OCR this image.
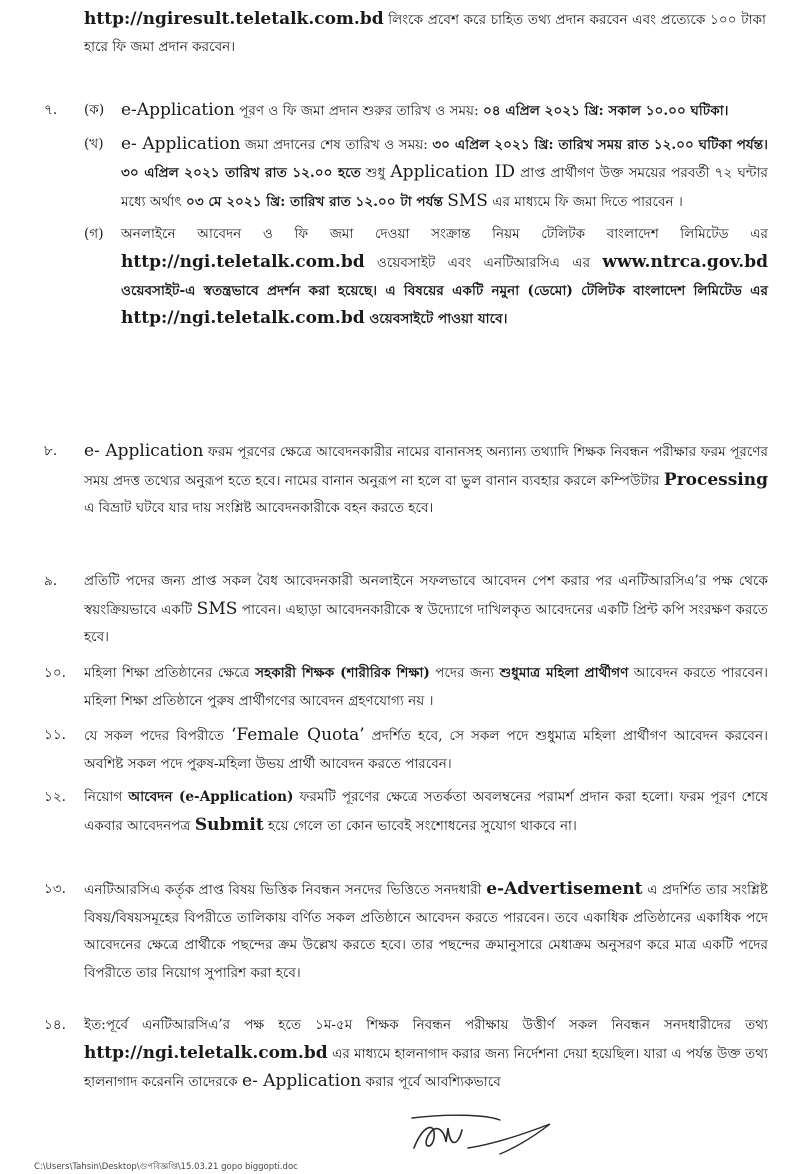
http://ngiresult.teletalk.com.bd লিংকে প্রবেশ করে চাহিত তথ্য প্রদান করবেন এবং প্রত্যেকে ১০০ টাকা হারে ফি জমা প্রদান করবেন।

৭.	(ক) e-Application পূরণ ও ফি জমা প্রদান শুরুর তারিখ ও সময়: ০৪ এপ্রিল ২০২১ খ্রি: সকাল ১০.০০ ঘটিকা।

(খ)	e- Application জমা প্রদানের শেষ তারিখ ও সময়: ৩০ এপ্রিল ২০২১ খ্রি: তারিখ সময় রাত ১২.০০ ঘটিকা পর্যন্ত। ৩০ এপ্রিল ২০২১ তারিখ রাত ১২.০০ হতে শুধু Application ID প্রাপ্ত প্রার্থীগণ উক্ত সময়ের পরবর্তী ৭২ ঘন্টার মধ্যে অর্থাৎ ০৩ মে ২০২১ খ্রি: তারিখ রাত ১২.০০ টা পর্যন্ত SMS এর মাধ্যমে ফি জমা দিতে পারবেন ।

(গ)	অনলাইনে আবেদন ও ফি জমা দেওয়া সংক্রান্ত নিয়ম টেলিটক বাংলাদেশ লিমিটেড এর http://ngi.teletalk.com.bd ওয়েবসাইট এবং এনটিআরসিএ এর www.ntrca.gov.bd ওয়েবসাইট-এ স্বতন্ত্রভাবে প্রদর্শন করা হয়েছে। এ বিষয়ের একটি নমুনা (ডেমো) টেলিটক বাংলাদেশ লিমিটেড এর http://ngi.teletalk.com.bd ওয়েবসাইটে পাওয়া যাবে।

৮.	e- Application ফরম পূরণের ক্ষেত্রে আবেদনকারীর নামের বানানসহ অন্যান্য তথ্যাদি শিক্ষক নিবন্ধন পরীক্ষার ফরম পূরণের সময় প্রদত্ত তথ্যের অনুরূপ হতে হবে। নামের বানান অনুরূপ না হলে বা ভুল বানান ব্যবহার করলে কম্পিউটার Processing এ বিভ্রাট ঘটবে যার দায় সংশ্লিষ্ট আবেদনকারীকে বহন করতে হবে।

৯.	প্রতিটি পদের জন্য প্রাপ্ত সকল বৈধ আবেদনকারী অনলাইনে সফলভাবে আবেদন পেশ করার পর এনটিআরসিএ’র পক্ষ থেকে স্বয়ংক্রিয়ভাবে একটি SMS পাবেন। এছাড়া আবেদনকারীকে স্ব উদ্যোগে দাখিলকৃত আবেদনের একটি প্রিন্ট কপি সংরক্ষণ করতে হবে।

১০.	মহিলা শিক্ষা প্রতিষ্ঠানের ক্ষেত্রে সহকারী শিক্ষক (শারীরিক শিক্ষা) পদের জন্য শুধুমাত্র মহিলা প্রার্থীগণ আবেদন করতে পারবেন। মহিলা শিক্ষা প্রতিষ্ঠানে পুরুষ প্রার্থীগণের আবেদন গ্রহণযোগ্য নয় ।

১১.	যে সকল পদের বিপরীতে ‘Female Quota’ প্রদর্শিত হবে, সে সকল পদে শুধুমাত্র মহিলা প্রার্থীগণ আবেদন করবেন। অবশিষ্ট সকল পদে পুরুষ-মহিলা উভয় প্রার্থী আবেদন করতে পারবেন।

১২.	নিয়োগ আবেদন (e-Application) ফরমটি পূরণের ক্ষেত্রে সতর্কতা অবলম্বনের পরামর্শ প্রদান করা হলো। ফরম পূরণ শেষে একবার আবেদনপত্র Submit হয়ে গেলে তা কোন ভাবেই সংশোধনের সুযোগ থাকবে না।

১৩.	এনটিআরসিএ কর্তৃক প্রাপ্ত বিষয় ভিত্তিক নিবন্ধন সনদের ভিত্তিতে সনদধারী e-Advertisement এ প্রদর্শিত তার সংশ্লিষ্ট বিষয়/বিষয়সমূহের বিপরীতে তালিকায় বর্ণিত সকল প্রতিষ্ঠানে আবেদন করতে পারবেন। তবে একাধিক প্রতিষ্ঠানের একাধিক পদে আবেদনের ক্ষেত্রে প্রার্থীকে পছন্দের ক্রম উল্লেখ করতে হবে। তার পছন্দের ক্রমানুসারে মেধাক্রম অনুসরণ করে মাত্র একটি পদের বিপরীতে তার নিয়োগ সুপারিশ করা হবে।

১৪.	ইত:পূর্বে এনটিআরসিএ’র পক্ষ হতে ১ম-৫ম শিক্ষক নিবন্ধন পরীক্ষায় উত্তীর্ণ সকল নিবন্ধন সনদধারীদের তথ্য http://ngi.teletalk.com.bd এর মাধ্যমে হালনাগাদ করার জন্য নির্দেশনা দেয়া হয়েছিল। যারা এ পর্যন্ত উক্ত তথ্য হালনাগাদ করেননি তাদেরকে e- Application করার পূর্বে আবশ্যিকভাবে

C:\Users\Tahsin\Desktop\গুপবিজ্ঞপ্তি\15.03.21 gopo biggopti.doc
